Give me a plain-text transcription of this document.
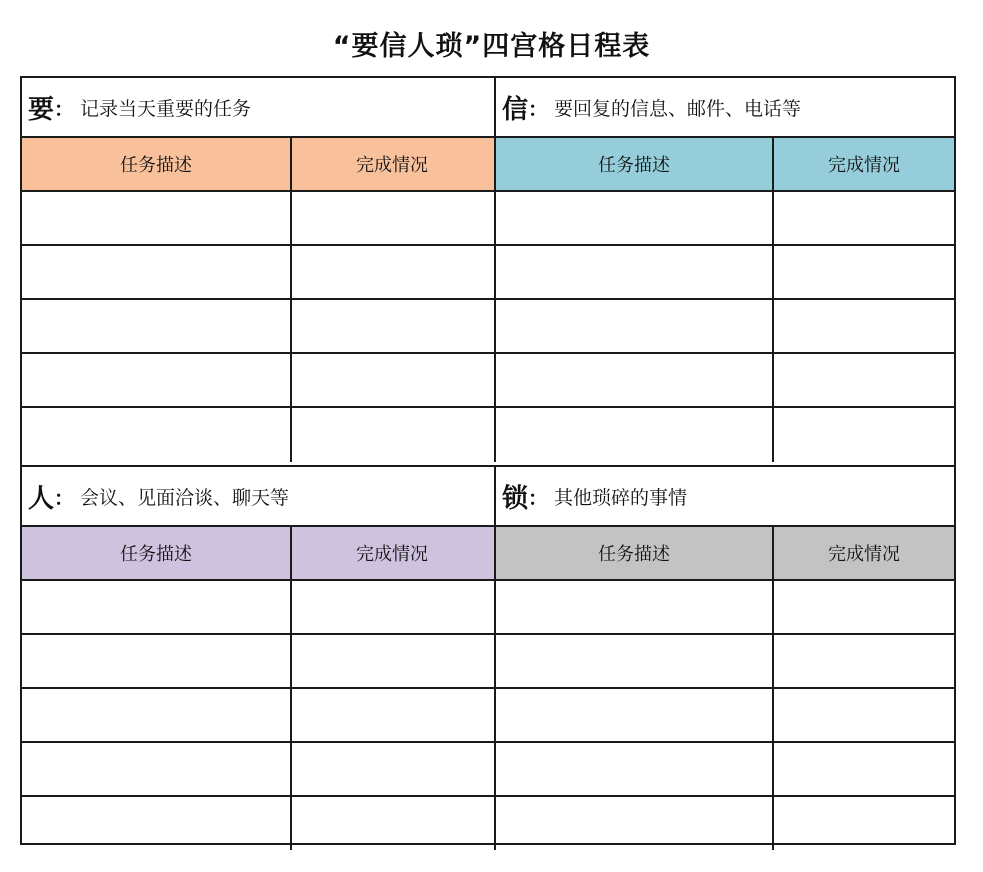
“要信人琐”四宫格日程表
要 ： 记录当天重要的任务
任务描述	完成情况
信 ： 要回复的信息、邮件、电话等
任务描述	完成情况
人 ： 会议、见面洽谈、聊天等
任务描述	完成情况
锁 ： 其他琐碎的事情
任务描述	完成情况
